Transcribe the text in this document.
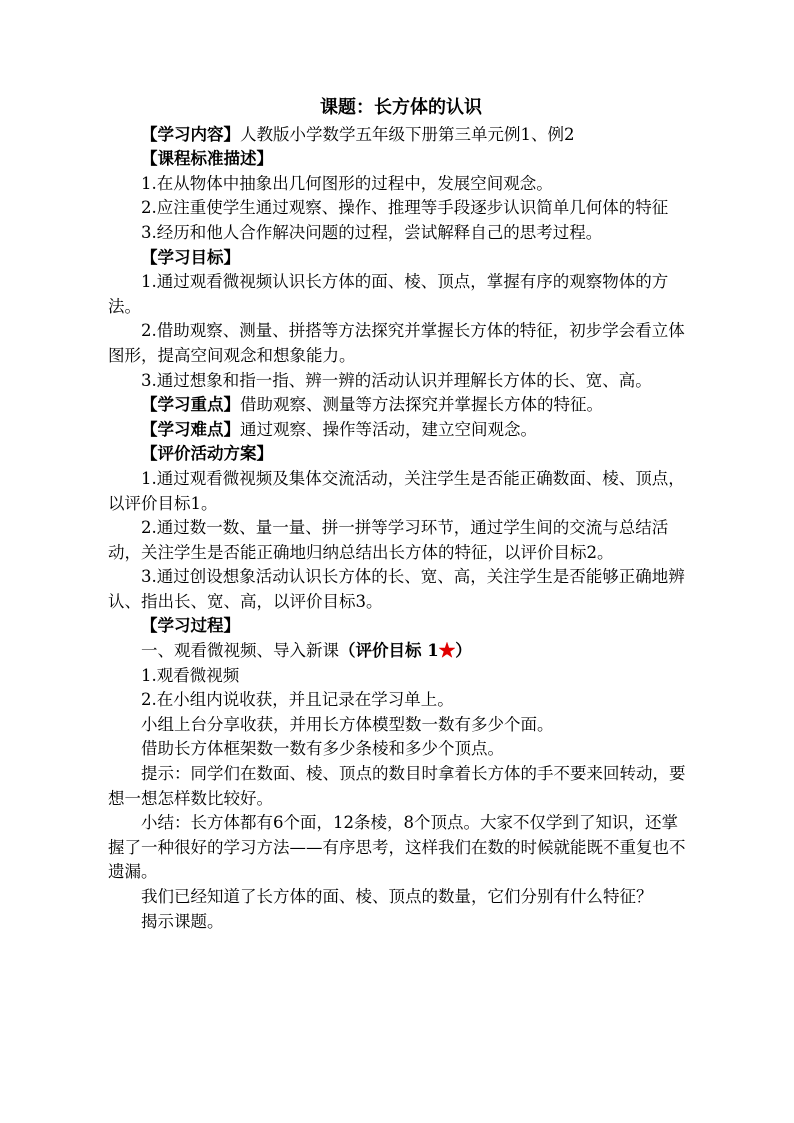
课题：长方体的认识

【学习内容】人教版小学数学五年级下册第三单元例1、例2

【课程标准描述】

1.在从物体中抽象出几何图形的过程中，发展空间观念。

2.应注重使学生通过观察、操作、推理等手段逐步认识简单几何体的特征

3.经历和他人合作解决问题的过程，尝试解释自己的思考过程。

【学习目标】

1.通过观看微视频认识长方体的面、棱、顶点，掌握有序的观察物体的方法。

2.借助观察、测量、拼搭等方法探究并掌握长方体的特征，初步学会看立体图形，提高空间观念和想象能力。

3.通过想象和指一指、辨一辨的活动认识并理解长方体的长、宽、高。

【学习重点】借助观察、测量等方法探究并掌握长方体的特征。

【学习难点】通过观察、操作等活动，建立空间观念。

【评价活动方案】

1.通过观看微视频及集体交流活动，关注学生是否能正确数面、棱、顶点，以评价目标1。

2.通过数一数、量一量、拼一拼等学习环节，通过学生间的交流与总结活动，关注学生是否能正确地归纳总结出长方体的特征，以评价目标2。

3.通过创设想象活动认识长方体的长、宽、高，关注学生是否能够正确地辨认、指出长、宽、高，以评价目标3。

【学习过程】

一、观看微视频、导入新课（评价目标 1★）

1.观看微视频

2.在小组内说收获，并且记录在学习单上。

小组上台分享收获，并用长方体模型数一数有多少个面。

借助长方体框架数一数有多少条棱和多少个顶点。

提示：同学们在数面、棱、顶点的数目时拿着长方体的手不要来回转动，要想一想怎样数比较好。

小结：长方体都有6个面，12条棱，8个顶点。大家不仅学到了知识，还掌握了一种很好的学习方法——有序思考，这样我们在数的时候就能既不重复也不遗漏。

我们已经知道了长方体的面、棱、顶点的数量，它们分别有什么特征？

揭示课题。
